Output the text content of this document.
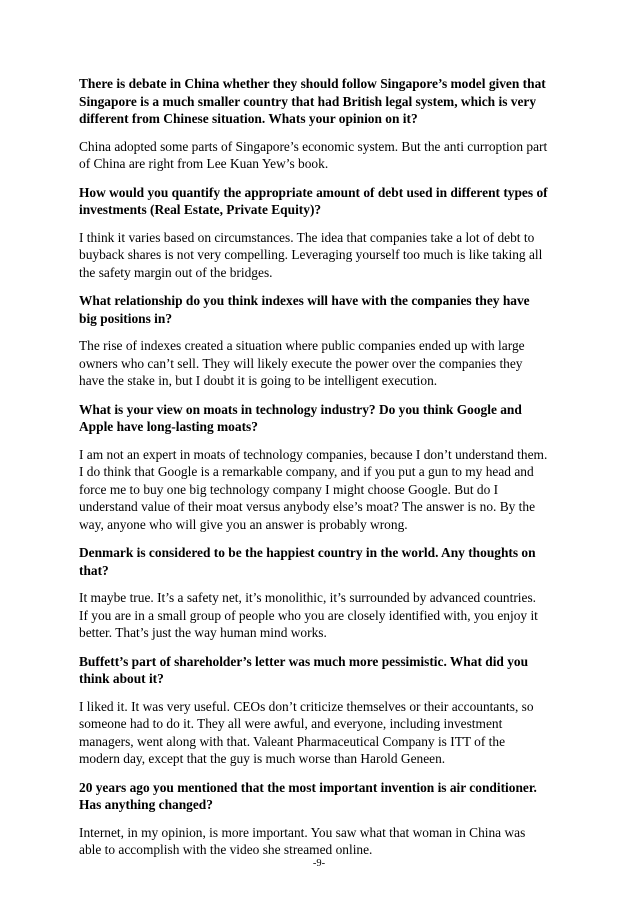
There is debate in China whether they should follow Singapore’s model given that Singapore is a much smaller country that had British legal system, which is very different from Chinese situation. Whats your opinion on it?

China adopted some parts of Singapore’s economic system. But the anti curroption part of China are right from Lee Kuan Yew’s book.

How would you quantify the appropriate amount of debt used in different types of investments (Real Estate, Private Equity)?

I think it varies based on circumstances. The idea that companies take a lot of debt to buyback shares is not very compelling. Leveraging yourself too much is like taking all the safety margin out of the bridges.

What relationship do you think indexes will have with the companies they have big positions in?

The rise of indexes created a situation where public companies ended up with large owners who can’t sell. They will likely execute the power over the companies they have the stake in, but I doubt it is going to be intelligent execution.

What is your view on moats in technology industry? Do you think Google and Apple have long-lasting moats?

I am not an expert in moats of technology companies, because I don’t understand them. I do think that Google is a remarkable company, and if you put a gun to my head and force me to buy one big technology company I might choose Google. But do I understand value of their moat versus anybody else’s moat? The answer is no. By the way, anyone who will give you an answer is probably wrong.

Denmark is considered to be the happiest country in the world. Any thoughts on that?

It maybe true. It’s a safety net, it’s monolithic, it’s surrounded by advanced countries. If you are in a small group of people who you are closely identified with, you enjoy it better. That’s just the way human mind works.

Buffett’s part of shareholder’s letter was much more pessimistic. What did you think about it?

I liked it. It was very useful. CEOs don’t criticize themselves or their accountants, so someone had to do it. They all were awful, and everyone, including investment managers, went along with that. Valeant Pharmaceutical Company is ITT of the modern day, except that the guy is much worse than Harold Geneen.

20 years ago you mentioned that the most important invention is air conditioner. Has anything changed?

Internet, in my opinion, is more important. You saw what that woman in China was able to accomplish with the video she streamed online.

-9-
